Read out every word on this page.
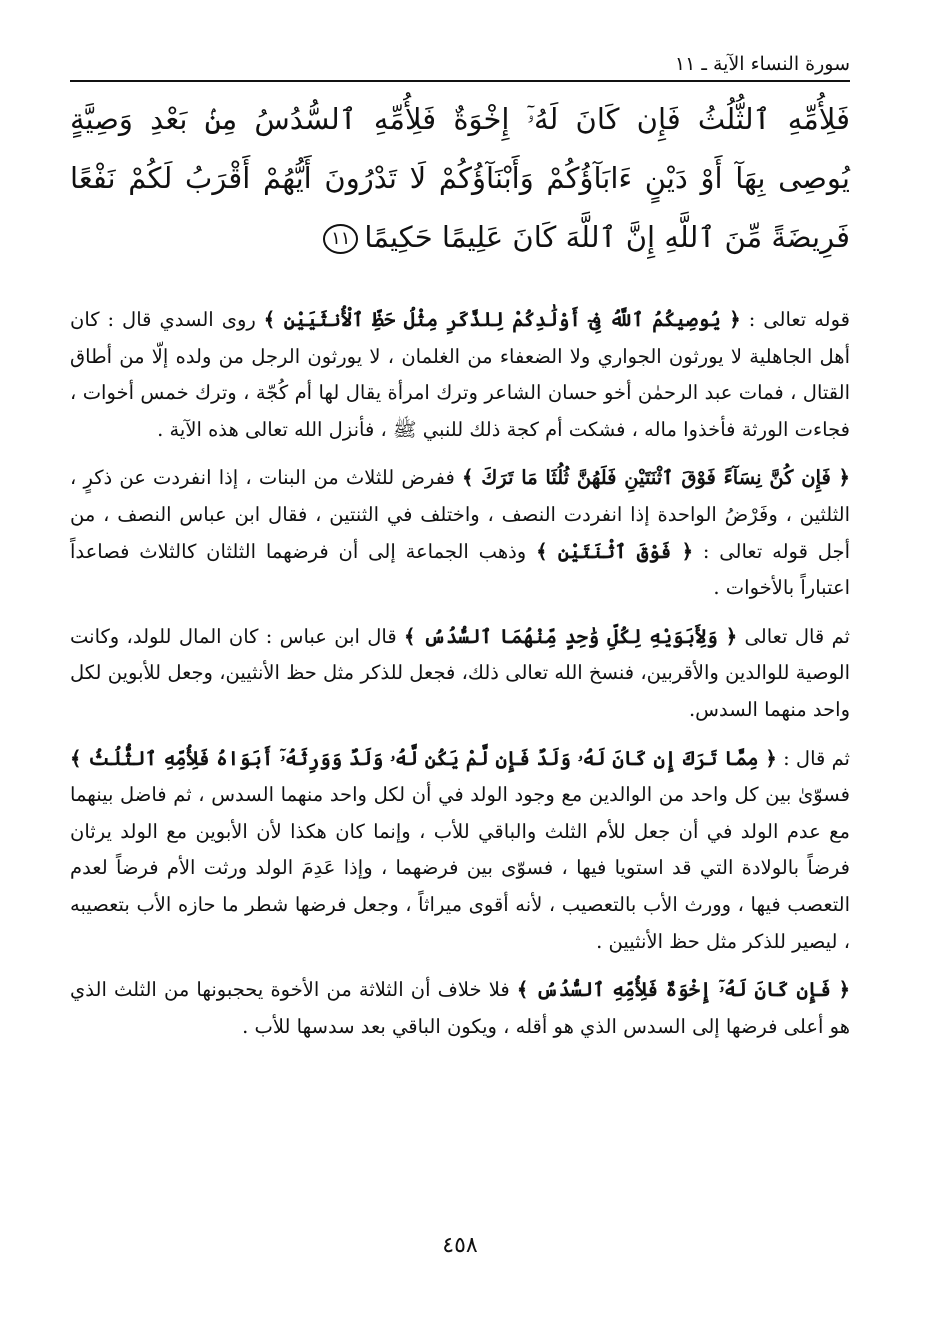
سورة النساء الآية ـ ١١
فَلِأُمِّهِ ٱلثُّلُثُ فَإِن كَانَ لَهُۥٓ إِخْوَةٌ فَلِأُمِّهِ ٱلسُّدُسُ مِنۢ بَعْدِ وَصِيَّةٍ يُوصِى بِهَآ أَوْ دَيْنٍ ءَابَآؤُكُمْ وَأَبْنَآؤُكُمْ لَا تَدْرُونَ أَيُّهُمْ أَقْرَبُ لَكُمْ نَفْعًا فَرِيضَةً مِّنَ ٱللَّهِ إِنَّ ٱللَّهَ كَانَ عَلِيمًا حَكِيمًا١١

قوله تعالى : ﴿ يُوصِيكُمُ ٱللَّهُ فِىٓ أَوْلَٰدِكُمْ لِلذَّكَرِ مِثْلُ حَظِّ ٱلْأُنثَيَيْنِ ﴾ روى السدي قال : كان أهل الجاهلية لا يورثون الجواري ولا الضعفاء من الغلمان ، لا يورثون الرجل من ولده إلّا من أطاق القتال ، فمات عبد الرحمٰن أخو حسان الشاعر وترك امرأة يقال لها أم كُجّة ، وترك خمس أخوات ، فجاءت الورثة فأخذوا ماله ، فشكت أم كجة ذلك للنبي ﷺ ، فأنزل الله تعالى هذه الآية .

﴿ فَإِن كُنَّ نِسَآءً فَوْقَ ٱثْنَتَيْنِ فَلَهُنَّ ثُلُثَا مَا تَرَكَ ﴾ ففرض للثلاث من البنات ، إذا انفردت عن ذكرٍ ، الثلثين ، وفَرْضُ الواحدة إذا انفردت النصف ، واختلف في الثنتين ، فقال ابن عباس النصف ، من أجل قوله تعالى : ﴿ فَوْقَ ٱثْنَتَيْنِ ﴾ وذهب الجماعة إلى أن فرضهما الثلثان كالثلاث فصاعداً اعتباراً بالأخوات .

ثم قال تعالى ﴿ وَلِأَبَوَيْهِ لِكُلِّ وَٰحِدٍ مِّنْهُمَا ٱلسُّدُسُ ﴾ قال ابن عباس : كان المال للولد، وكانت الوصية للوالدين والأقربين، فنسخ الله تعالى ذلك، فجعل للذكر مثل حظ الأنثيين، وجعل للأبوين لكل واحد منهما السدس.

ثم قال : ﴿ مِمَّا تَرَكَ إِن كَانَ لَهُۥ وَلَدٌ فَإِن لَّمْ يَكُن لَّهُۥ وَلَدٌ وَوَرِثَهُۥٓ أَبَوَاهُ فَلِأُمِّهِ ٱلثُّلُثُ ﴾ فسوّىٰ بين كل واحد من الوالدين مع وجود الولد في أن لكل واحد منهما السدس ، ثم فاضل بينهما مع عدم الولد في أن جعل للأم الثلث والباقي للأب ، وإنما كان هكذا لأن الأبوين مع الولد يرثان فرضاً بالولادة التي قد استويا فيها ، فسوّى بين فرضهما ، وإذا عَدِمَ الولد ورثت الأم فرضاً لعدم التعصب فيها ، وورث الأب بالتعصيب ، لأنه أقوى ميراثاً ، وجعل فرضها شطر ما حازه الأب بتعصيبه ، ليصير للذكر مثل حظ الأنثيين .

﴿ فَإِن كَانَ لَهُۥٓ إِخْوَةٌ فَلِأُمِّهِ ٱلسُّدُسُ ﴾ فلا خلاف أن الثلاثة من الأخوة يحجبونها من الثلث الذي هو أعلى فرضها إلى السدس الذي هو أقله ، ويكون الباقي بعد سدسها للأب .

٤٥٨
